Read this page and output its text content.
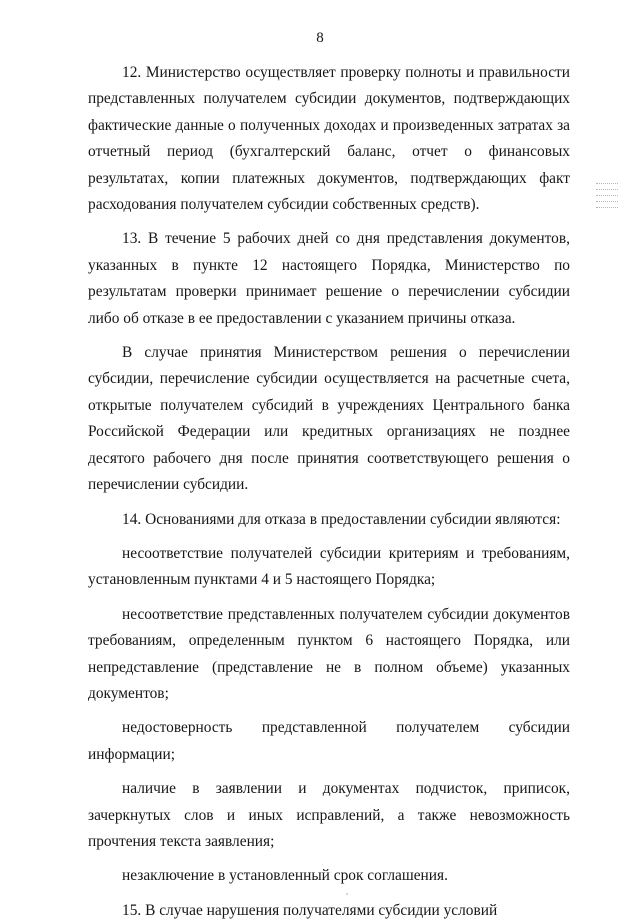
8

12. Министерство осуществляет проверку полноты и правильности представленных получателем субсидии документов, подтверждающих фактические данные о полученных доходах и произведенных затратах за отчетный период (бухгалтерский баланс, отчет о финансовых результатах, копии платежных документов, подтверждающих факт расходования получателем субсидии собственных средств).

13. В течение 5 рабочих дней со дня представления документов, указанных в пункте 12 настоящего Порядка, Министерство по результатам проверки принимает решение о перечислении субсидии либо об отказе в ее предоставлении с указанием причины отказа.

В случае принятия Министерством решения о перечислении субсидии, перечисление субсидии осуществляется на расчетные счета, открытые получателем субсидий в учреждениях Центрального банка Российской Федерации или кредитных организациях не позднее десятого рабочего дня после принятия соответствующего решения о перечислении субсидии.

14. Основаниями для отказа в предоставлении субсидии являются:

несоответствие получателей субсидии критериям и требованиям, установленным пунктами 4 и 5 настоящего Порядка;

несоответствие представленных получателем субсидии документов требованиям, определенным пунктом 6 настоящего Порядка, или непредставление (представление не в полном объеме) указанных документов;

недостоверность представленной получателем субсидии информации;

наличие в заявлении и документах подчисток, приписок, зачеркнутых слов и иных исправлений, а также невозможность прочтения текста заявления;

незаключение в установленный срок соглашения.

15. В случае нарушения получателями субсидии условий
